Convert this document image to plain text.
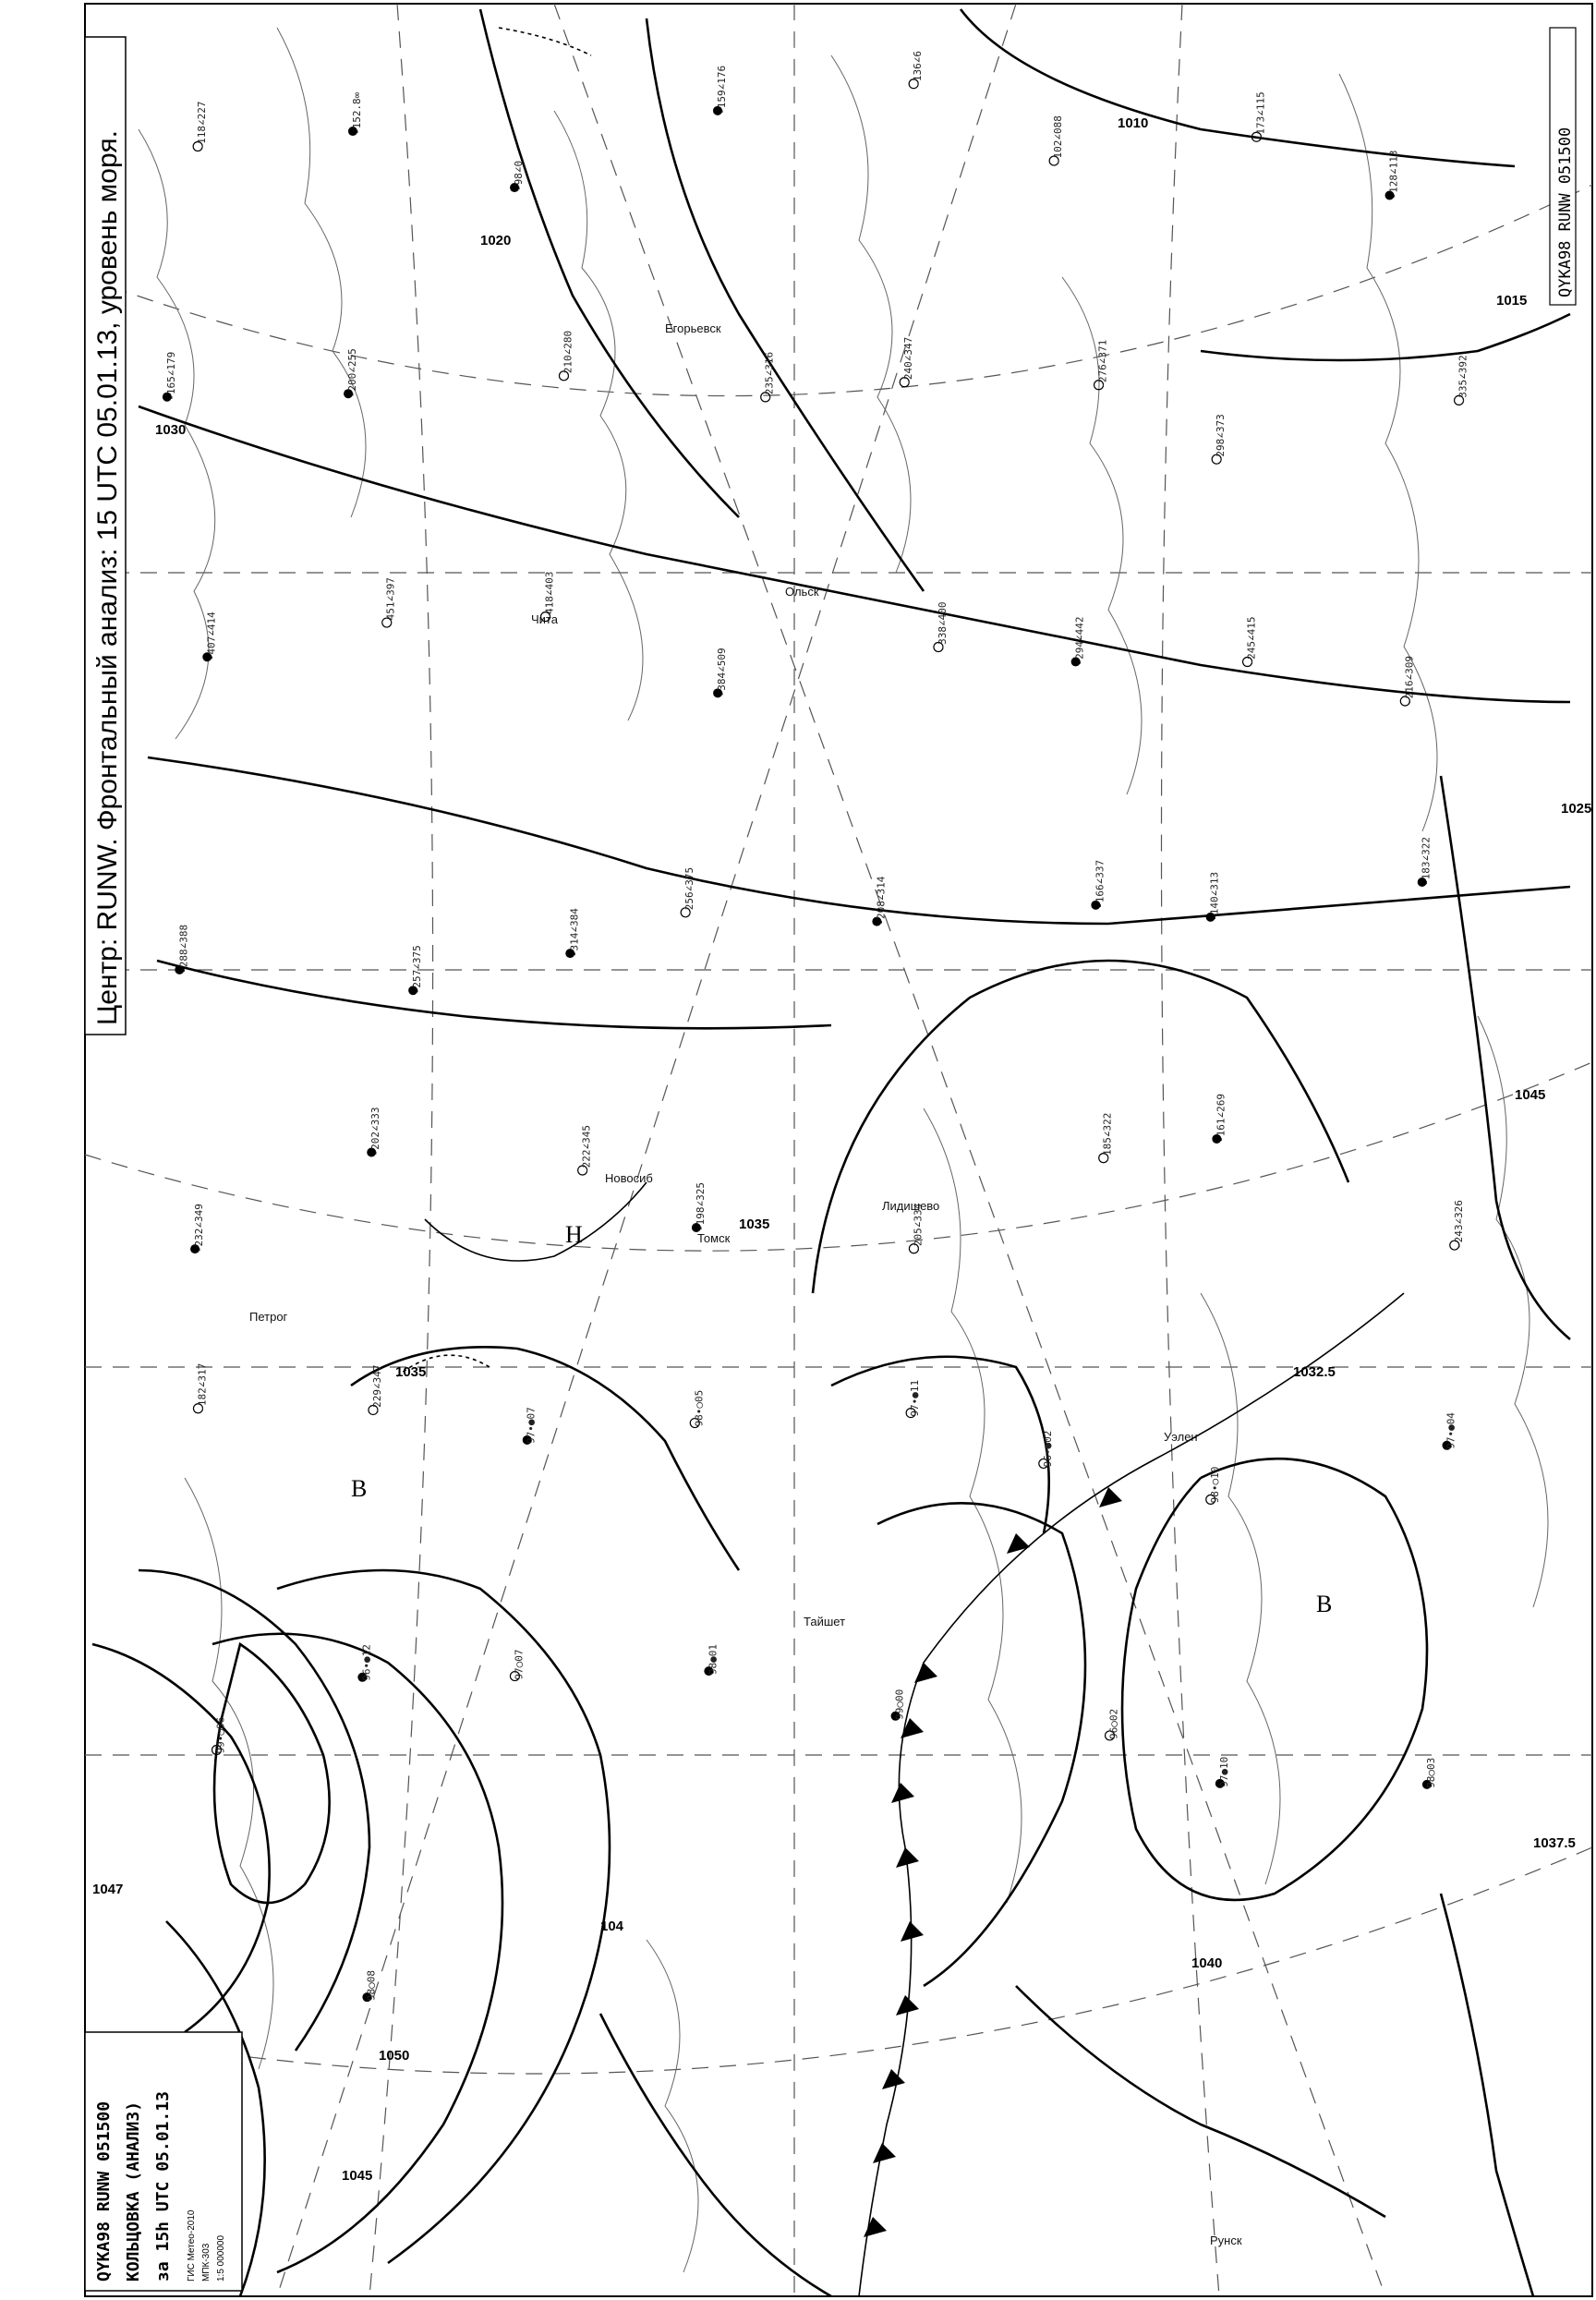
Н
В
В
1010
1015
1020
1025
1030
1035
1035
1040
1045
1045
1050
1037.5
1032.5
1047
104
Ольск
Новосиб
Томск
Чита
Тайшет
Уэлен
Петрог
Лидишево
Егорьевск
Рунск
-118∠227	-152.8∞
-98∠0
-159∠176	-136∠6
-102∠088	-173∠115
-128∠113
-165∠179	-200∠255	-210∠280	-235∠316	-240∠347	-276∠371
-298∠373
-335∠392
-407∠414
-451∠397	-418∠403
-384∠509
-338∠400	-294∠442	-245∠415
-216∠309
-288∠388	-257∠375
-314∠384
-256∠375	-208∠314	-166∠337	-140∠313
-183∠322
-232∠349
-202∠333	-222∠345
-198∠325	-205∠334
-185∠322	-161∠269
-243∠326
-182∠317	-229∠347
97∙●07	98∙○05	97∙●11
96∙●02
98∙○10
97∙●04
99∙○06
96∙●12	97○07	98●01
99○00
96○02
97●10	98○03
98○08
Центр: RUNW. Фронтальный анализ: 15 UTC 05.01.13, уровень моря.	QYKA98 RUNW 051500
QYKA98 RUNW 051500 КОЛЬЦОВКА (АНАЛИЗ) за 15h UTC 05.01.13 ГИС Метео-2010 МПК-303 1:5 000000
